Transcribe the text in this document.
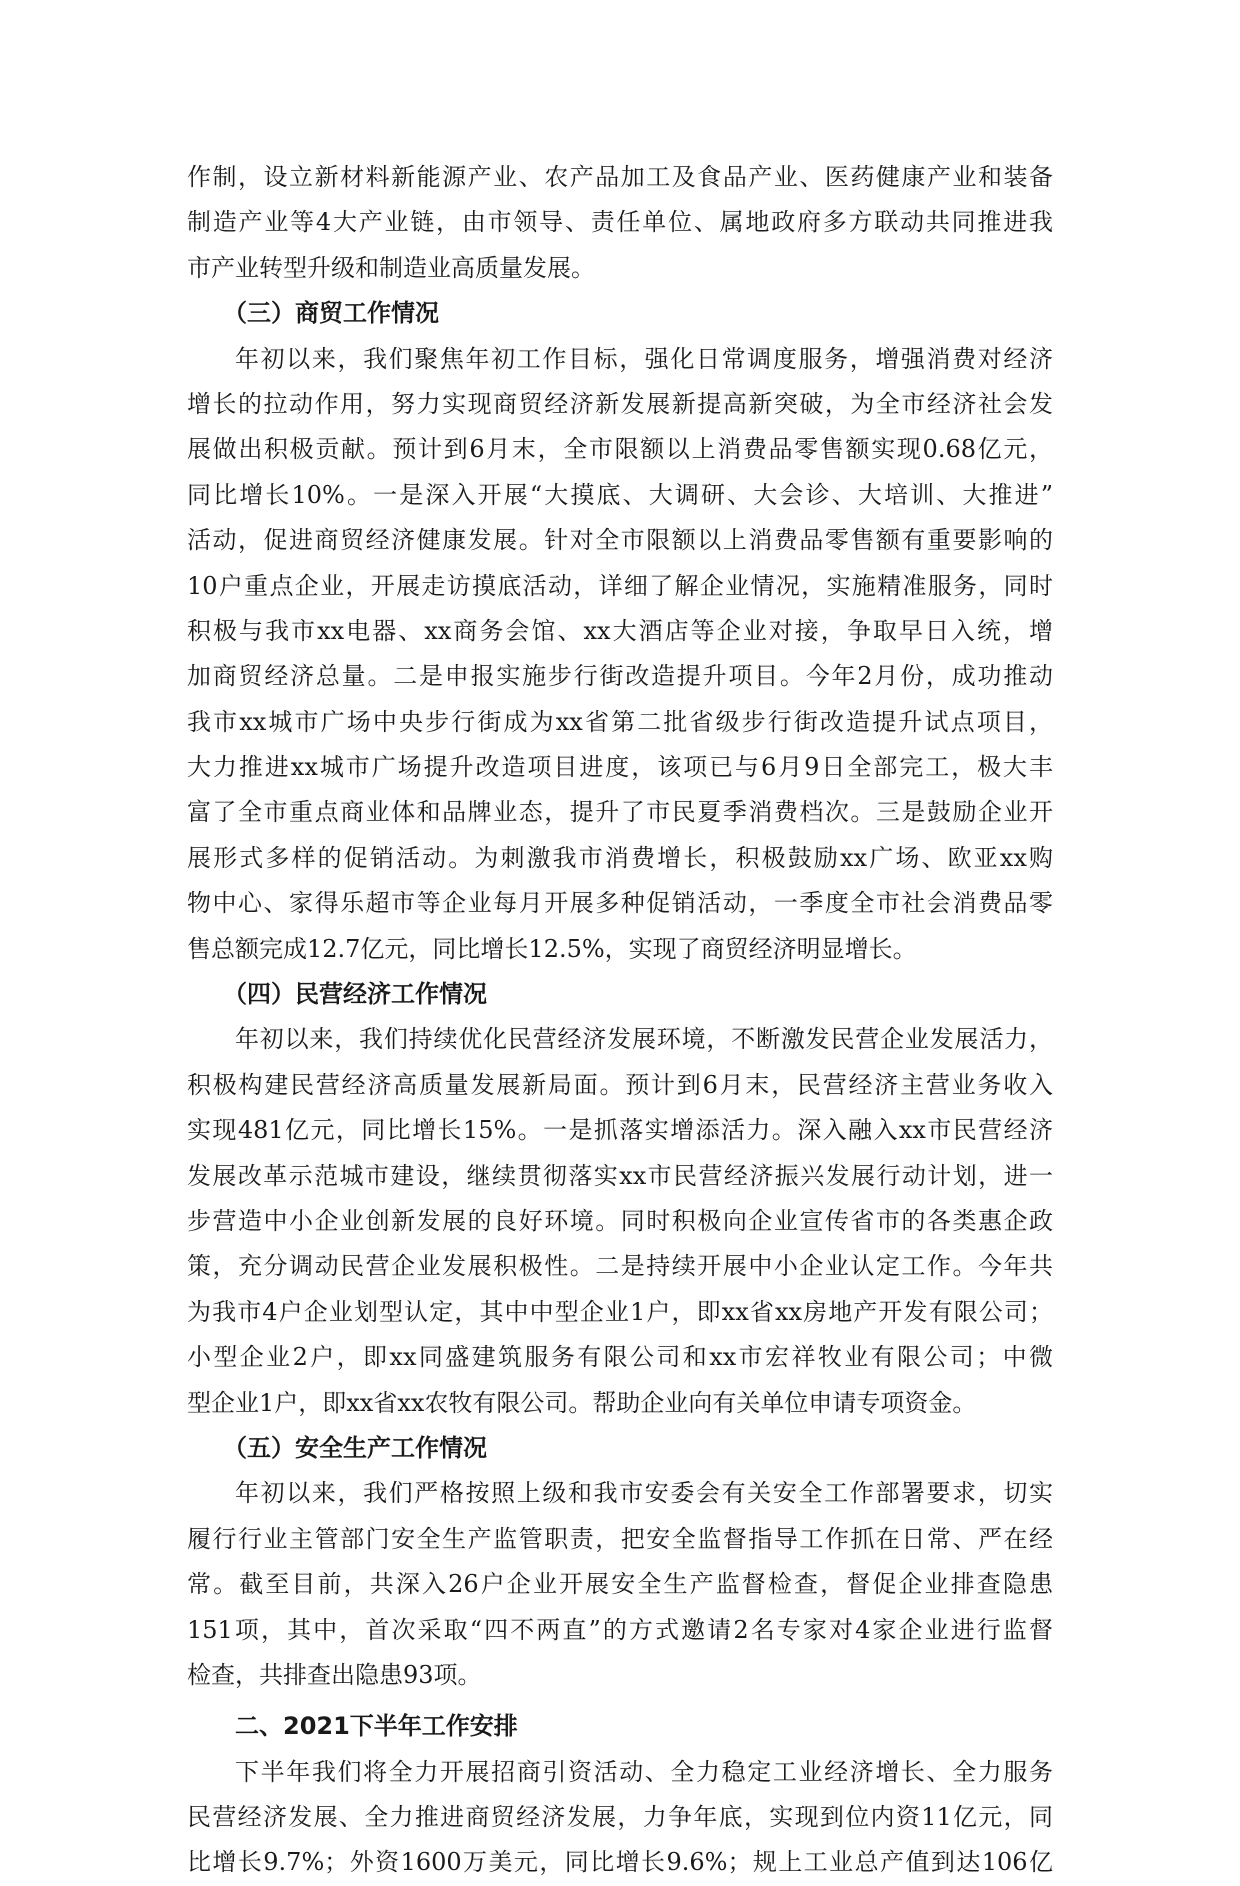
作制，设立新材料新能源产业、农产品加工及食品产业、医药健康产业和装备
制造产业等4大产业链，由市领导、责任单位、属地政府多方联动共同推进我
市产业转型升级和制造业高质量发展。
（三）商贸工作情况
年初以来，我们聚焦年初工作目标，强化日常调度服务，增强消费对经济
增长的拉动作用，努力实现商贸经济新发展新提高新突破，为全市经济社会发
展做出积极贡献。预计到6月末，全市限额以上消费品零售额实现0.68亿元，
同比增长10%。一是深入开展“大摸底、大调研、大会诊、大培训、大推进”
活动，促进商贸经济健康发展。针对全市限额以上消费品零售额有重要影响的
10户重点企业，开展走访摸底活动，详细了解企业情况，实施精准服务，同时
积极与我市xx电器、xx商务会馆、xx大酒店等企业对接，争取早日入统，增
加商贸经济总量。二是申报实施步行街改造提升项目。今年2月份，成功推动
我市xx城市广场中央步行街成为xx省第二批省级步行街改造提升试点项目，
大力推进xx城市广场提升改造项目进度，该项已与6月9日全部完工，极大丰
富了全市重点商业体和品牌业态，提升了市民夏季消费档次。三是鼓励企业开
展形式多样的促销活动。为刺激我市消费增长，积极鼓励xx广场、欧亚xx购
物中心、家得乐超市等企业每月开展多种促销活动，一季度全市社会消费品零
售总额完成12.7亿元，同比增长12.5%，实现了商贸经济明显增长。
（四）民营经济工作情况
年初以来，我们持续优化民营经济发展环境，不断激发民营企业发展活力，
积极构建民营经济高质量发展新局面。预计到6月末，民营经济主营业务收入
实现481亿元，同比增长15%。一是抓落实增添活力。深入融入xx市民营经济
发展改革示范城市建设，继续贯彻落实xx市民营经济振兴发展行动计划，进一
步营造中小企业创新发展的良好环境。同时积极向企业宣传省市的各类惠企政
策，充分调动民营企业发展积极性。二是持续开展中小企业认定工作。今年共
为我市4户企业划型认定，其中中型企业1户，即xx省xx房地产开发有限公司；
小型企业2户，即xx同盛建筑服务有限公司和xx市宏祥牧业有限公司；中微
型企业1户，即xx省xx农牧有限公司。帮助企业向有关单位申请专项资金。
（五）安全生产工作情况
年初以来，我们严格按照上级和我市安委会有关安全工作部署要求，切实
履行行业主管部门安全生产监管职责，把安全监督指导工作抓在日常、严在经
常。截至目前，共深入26户企业开展安全生产监督检查，督促企业排查隐患
151项，其中，首次采取“四不两直”的方式邀请2名专家对4家企业进行监督
检查，共排查出隐患93项。
二、2021下半年工作安排
下半年我们将全力开展招商引资活动、全力稳定工业经济增长、全力服务
民营经济发展、全力推进商贸经济发展，力争年底，实现到位内资11亿元，同
比增长9.7%；外资1600万美元，同比增长9.6%；规上工业总产值到达106亿
